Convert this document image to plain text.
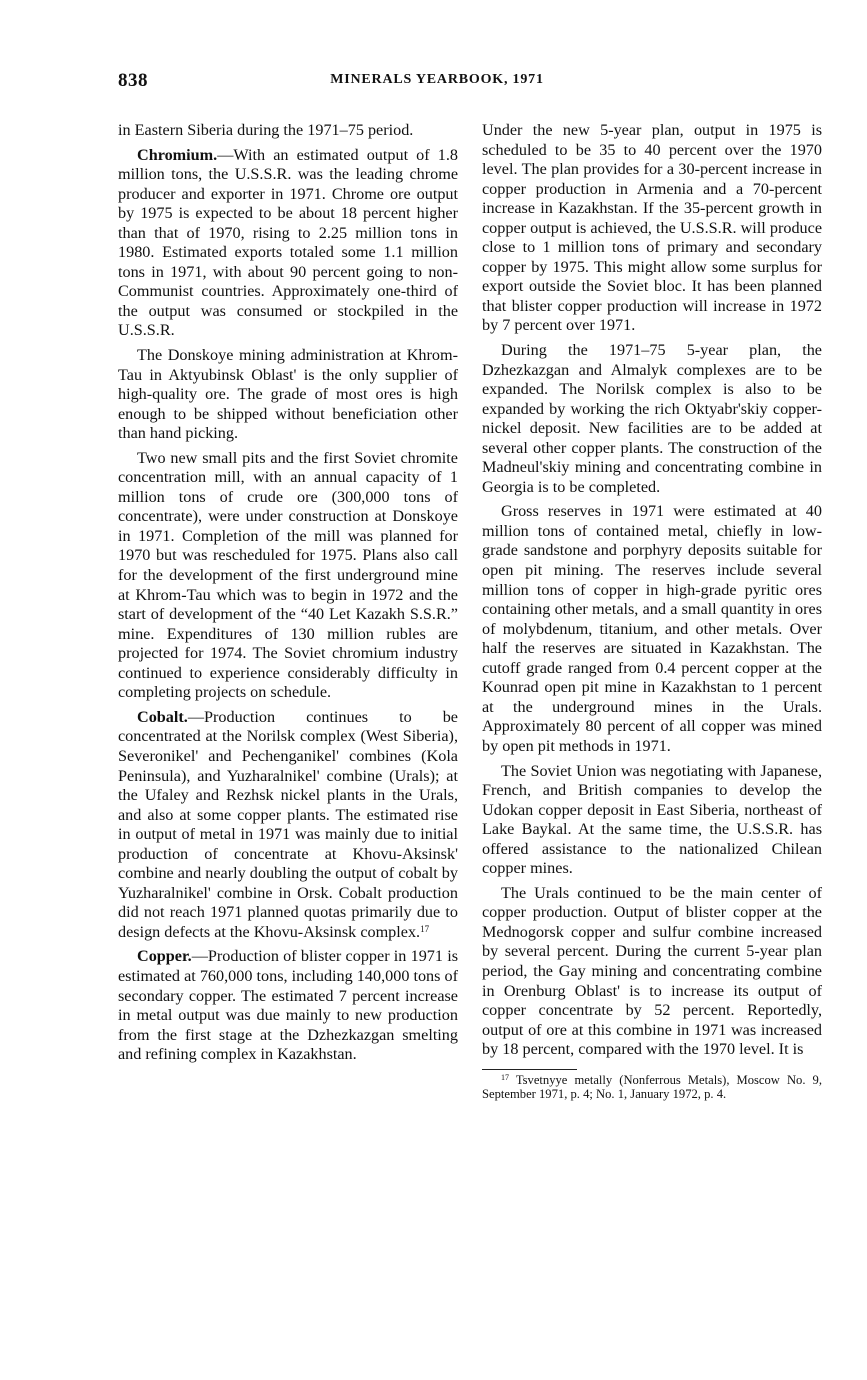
838	MINERALS YEARBOOK, 1971

in Eastern Siberia during the 1971–75 period.

Chromium.—With an estimated output of 1.8 million tons, the U.S.S.R. was the leading chrome producer and exporter in 1971. Chrome ore output by 1975 is expected to be about 18 percent higher than that of 1970, rising to 2.25 million tons in 1980. Estimated exports totaled some 1.1 million tons in 1971, with about 90 percent going to non-Communist countries. Approximately one-third of the output was consumed or stockpiled in the U.S.S.R.

The Donskoye mining administration at Khrom-Tau in Aktyubinsk Oblast' is the only supplier of high-quality ore. The grade of most ores is high enough to be shipped without beneficiation other than hand picking.

Two new small pits and the first Soviet chromite concentration mill, with an annual capacity of 1 million tons of crude ore (300,000 tons of concentrate), were under construction at Donskoye in 1971. Completion of the mill was planned for 1970 but was rescheduled for 1975. Plans also call for the development of the first underground mine at Khrom-Tau which was to begin in 1972 and the start of development of the “40 Let Kazakh S.S.R.” mine. Expenditures of 130 million rubles are projected for 1974. The Soviet chromium industry continued to experience considerably difficulty in completing projects on schedule.

Cobalt.—Production continues to be concentrated at the Norilsk complex (West Siberia), Severonikel' and Pechenganikel' combines (Kola Peninsula), and Yuzharalnikel' combine (Urals); at the Ufaley and Rezhsk nickel plants in the Urals, and also at some copper plants. The estimated rise in output of metal in 1971 was mainly due to initial production of concentrate at Khovu-Aksinsk' combine and nearly doubling the output of cobalt by Yuzharalnikel' combine in Orsk. Cobalt production did not reach 1971 planned quotas primarily due to design defects at the Khovu-Aksinsk complex.$^{17}$

Copper.—Production of blister copper in 1971 is estimated at 760,000 tons, including 140,000 tons of secondary copper. The estimated 7 percent increase in metal output was due mainly to new production from the first stage at the Dzhezkazgan smelting and refining complex in Kazakhstan.

Under the new 5-year plan, output in 1975 is scheduled to be 35 to 40 percent over the 1970 level. The plan provides for a 30-percent increase in copper production in Armenia and a 70-percent increase in Kazakhstan. If the 35-percent growth in copper output is achieved, the U.S.S.R. will produce close to 1 million tons of primary and secondary copper by 1975. This might allow some surplus for export outside the Soviet bloc. It has been planned that blister copper production will increase in 1972 by 7 percent over 1971.

During the 1971–75 5-year plan, the Dzhezkazgan and Almalyk complexes are to be expanded. The Norilsk complex is also to be expanded by working the rich Oktyabr'skiy copper-nickel deposit. New facilities are to be added at several other copper plants. The construction of the Madneul'skiy mining and concentrating combine in Georgia is to be completed.

Gross reserves in 1971 were estimated at 40 million tons of contained metal, chiefly in low-grade sandstone and porphyry deposits suitable for open pit mining. The reserves include several million tons of copper in high-grade pyritic ores containing other metals, and a small quantity in ores of molybdenum, titanium, and other metals. Over half the reserves are situated in Kazakhstan. The cutoff grade ranged from 0.4 percent copper at the Kounrad open pit mine in Kazakhstan to 1 percent at the underground mines in the Urals. Approximately 80 percent of all copper was mined by open pit methods in 1971.

The Soviet Union was negotiating with Japanese, French, and British companies to develop the Udokan copper deposit in East Siberia, northeast of Lake Baykal. At the same time, the U.S.S.R. has offered assistance to the nationalized Chilean copper mines.

The Urals continued to be the main center of copper production. Output of blister copper at the Mednogorsk copper and sulfur combine increased by several percent. During the current 5-year plan period, the Gay mining and concentrating combine in Orenburg Oblast' is to increase its output of copper concentrate by 52 percent. Reportedly, output of ore at this combine in 1971 was increased by 18 percent, compared with the 1970 level. It is

$^{17}$ Tsvetnyye metally (Nonferrous Metals), Moscow No. 9, September 1971, p. 4; No. 1, January 1972, p. 4.
